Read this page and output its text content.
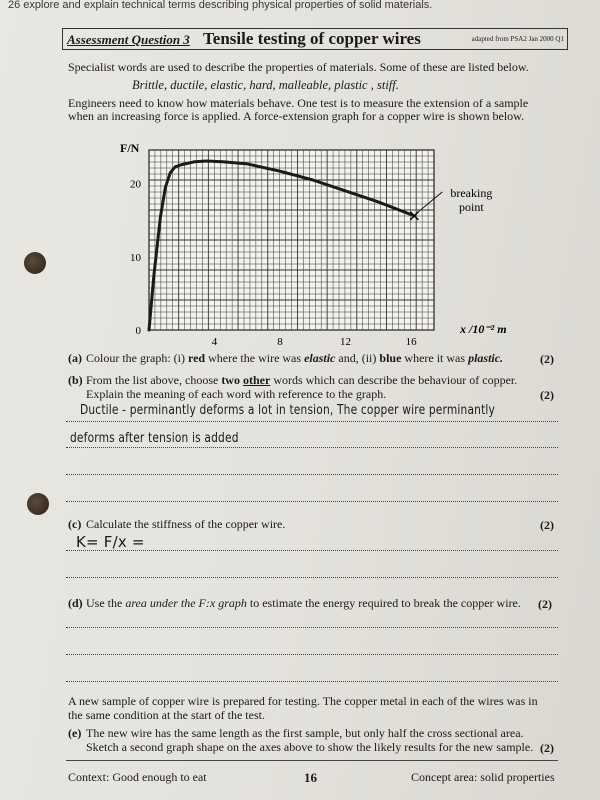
26 explore and explain technical terms describing physical properties of solid materials.
Assessment Question 3 Tensile testing of copper wires	adapted from PSA2 Jan 2000 Q1
Specialist words are used to describe the properties of materials. Some of these are listed below.
Brittle, ductile, elastic, hard, malleable, plastic , stiff.
Engineers need to know how materials behave. One test is to measure the extension of a sample
when an increasing force is applied. A force-extension graph for a copper wire is shown below.
F/N
0
10
20
4	8	12	16
x /10⁻² m
breaking
point
(a) Colour the graph: (i) red where the wire was elastic and, (ii) blue where it was plastic.	(2)
(b) From the list above, choose two other words which can describe the behaviour of copper.
Explain the meaning of each word with reference to the graph.	(2)
Ductile - perminantly deforms a lot in tension, The copper wire perminantly
deforms after tension is added
(c) Calculate the stiffness of the copper wire.	(2)
K= F/x =
(d) Use the area under the F:x graph to estimate the energy required to break the copper wire. (2)
A new sample of copper wire is prepared for testing. The copper metal in each of the wires was in
the same condition at the start of the test.
(e) The new wire has the same length as the first sample, but only half the cross sectional area.
Sketch a second graph shape on the axes above to show the likely results for the new sample. (2)
Context: Good enough to eat	16	Concept area: solid properties
